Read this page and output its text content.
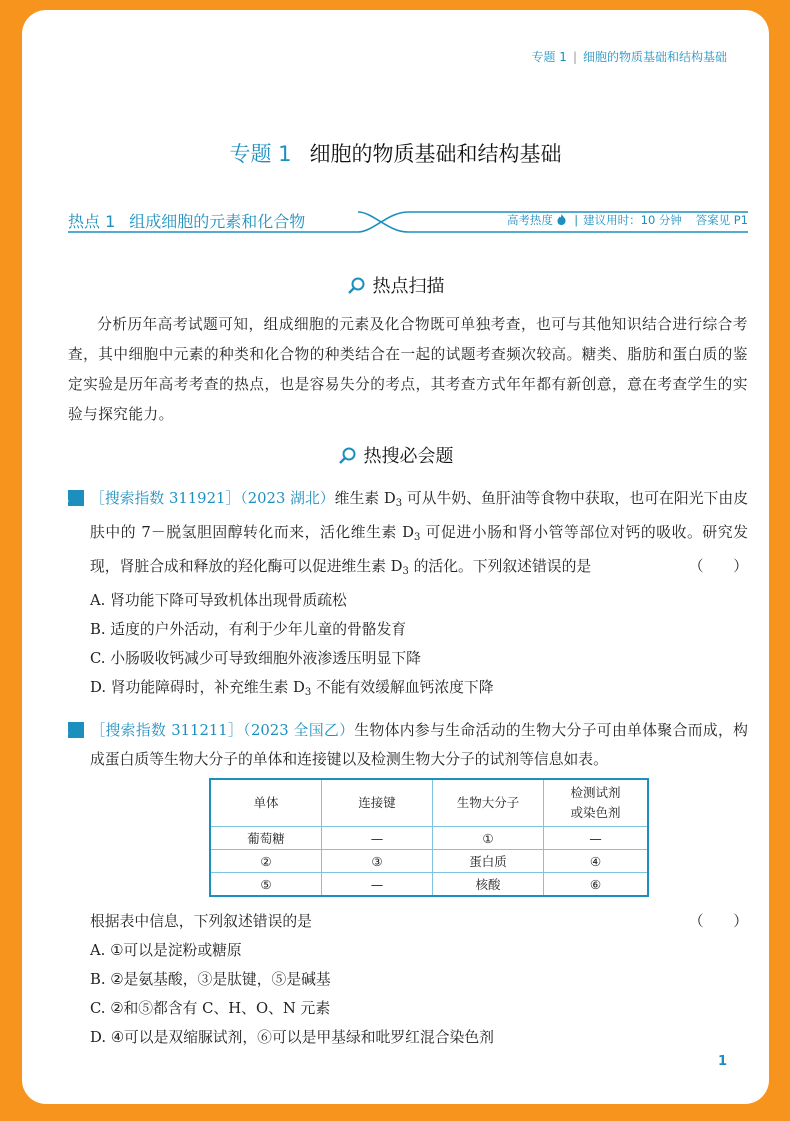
专题 1 | 细胞的物质基础和结构基础
专题 1 细胞的物质基础和结构基础
热点 1 组成细胞的元素和化合物	高考热度 | 建议用时：10 分钟 答案见 P1
热点扫描
分析历年高考试题可知，组成细胞的元素及化合物既可单独考查，也可与其他知识结合进行综合考查，其中细胞中元素的种类和化合物的种类结合在一起的试题考查频次较高。糖类、脂肪和蛋白质的鉴定实验是历年高考考查的热点，也是容易失分的考点，其考查方式年年都有新创意，意在考查学生的实验与探究能力。
热搜必会题
1 ［搜索指数 311921］（2023 湖北）维生素 $D_3$ 可从牛奶、鱼肝油等食物中获取，也可在阳光下由皮肤中的 7－脱氢胆固醇转化而来，活化维生素 $D_3$ 可促进小肠和肾小管等部位对钙的吸收。研究发现，肾脏合成和释放的羟化酶可以促进维生素 $D_3$ 的活化。下列叙述错误的是	（　　）
A. 肾功能下降可导致机体出现骨质疏松
B. 适度的户外活动，有利于少年儿童的骨骼发育
C. 小肠吸收钙减少可导致细胞外液渗透压明显下降
D. 肾功能障碍时，补充维生素 $D_3$ 不能有效缓解血钙浓度下降
2 ［搜索指数 311211］（2023 全国乙）生物体内参与生命活动的生物大分子可由单体聚合而成，构成蛋白质等生物大分子的单体和连接键以及检测生物大分子的试剂等信息如表。
单体	连接键	生物大分子	检测试剂
或染色剂
葡萄糖	—	①	—
②	③	蛋白质	④
⑤	—	核酸	⑥
根据表中信息，下列叙述错误的是	（　　）
A. ①可以是淀粉或糖原
B. ②是氨基酸，③是肽键，⑤是碱基
C. ②和⑤都含有 C、H、O、N 元素
D. ④可以是双缩脲试剂，⑥可以是甲基绿和吡罗红混合染色剂
1
